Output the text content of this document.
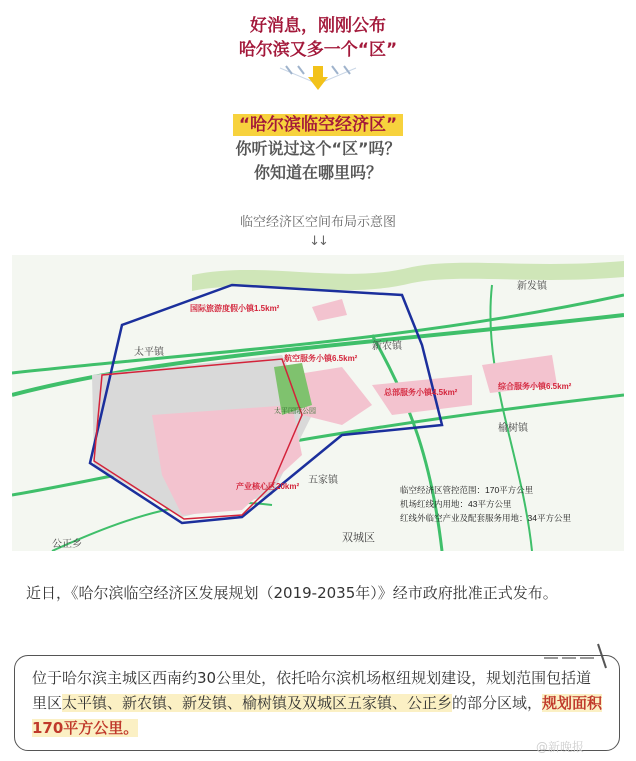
好消息，刚刚公布
哈尔滨又多一个“区”
“哈尔滨临空经济区”
你听说过这个“区”吗？
你知道在哪里吗？
临空经济区空间布局示意图
↓↓
国际旅游度假小镇1.5km²
航空服务小镇6.5km²
总部服务小镇4.5km²
综合服务小镇6.5km²
产业核心区20km²
太平国际公园
太平镇
新农镇
新发镇
榆树镇
五家镇
双城区
公正乡
临空经济区管控范围：170平方公里
机场红线内用地：43平方公里
红线外临空产业及配套服务用地：34平方公里
近日，《哈尔滨临空经济区发展规划（2019-2035年）》经市政府批准正式发布。
位于哈尔滨主城区西南约30公里处，依托哈尔滨机场枢纽规划建设，规划范围包括道里区太平镇、新农镇、新发镇、榆树镇及双城区五家镇、公正乡的部分区域，规划面积170平方公里。
@新晚报
